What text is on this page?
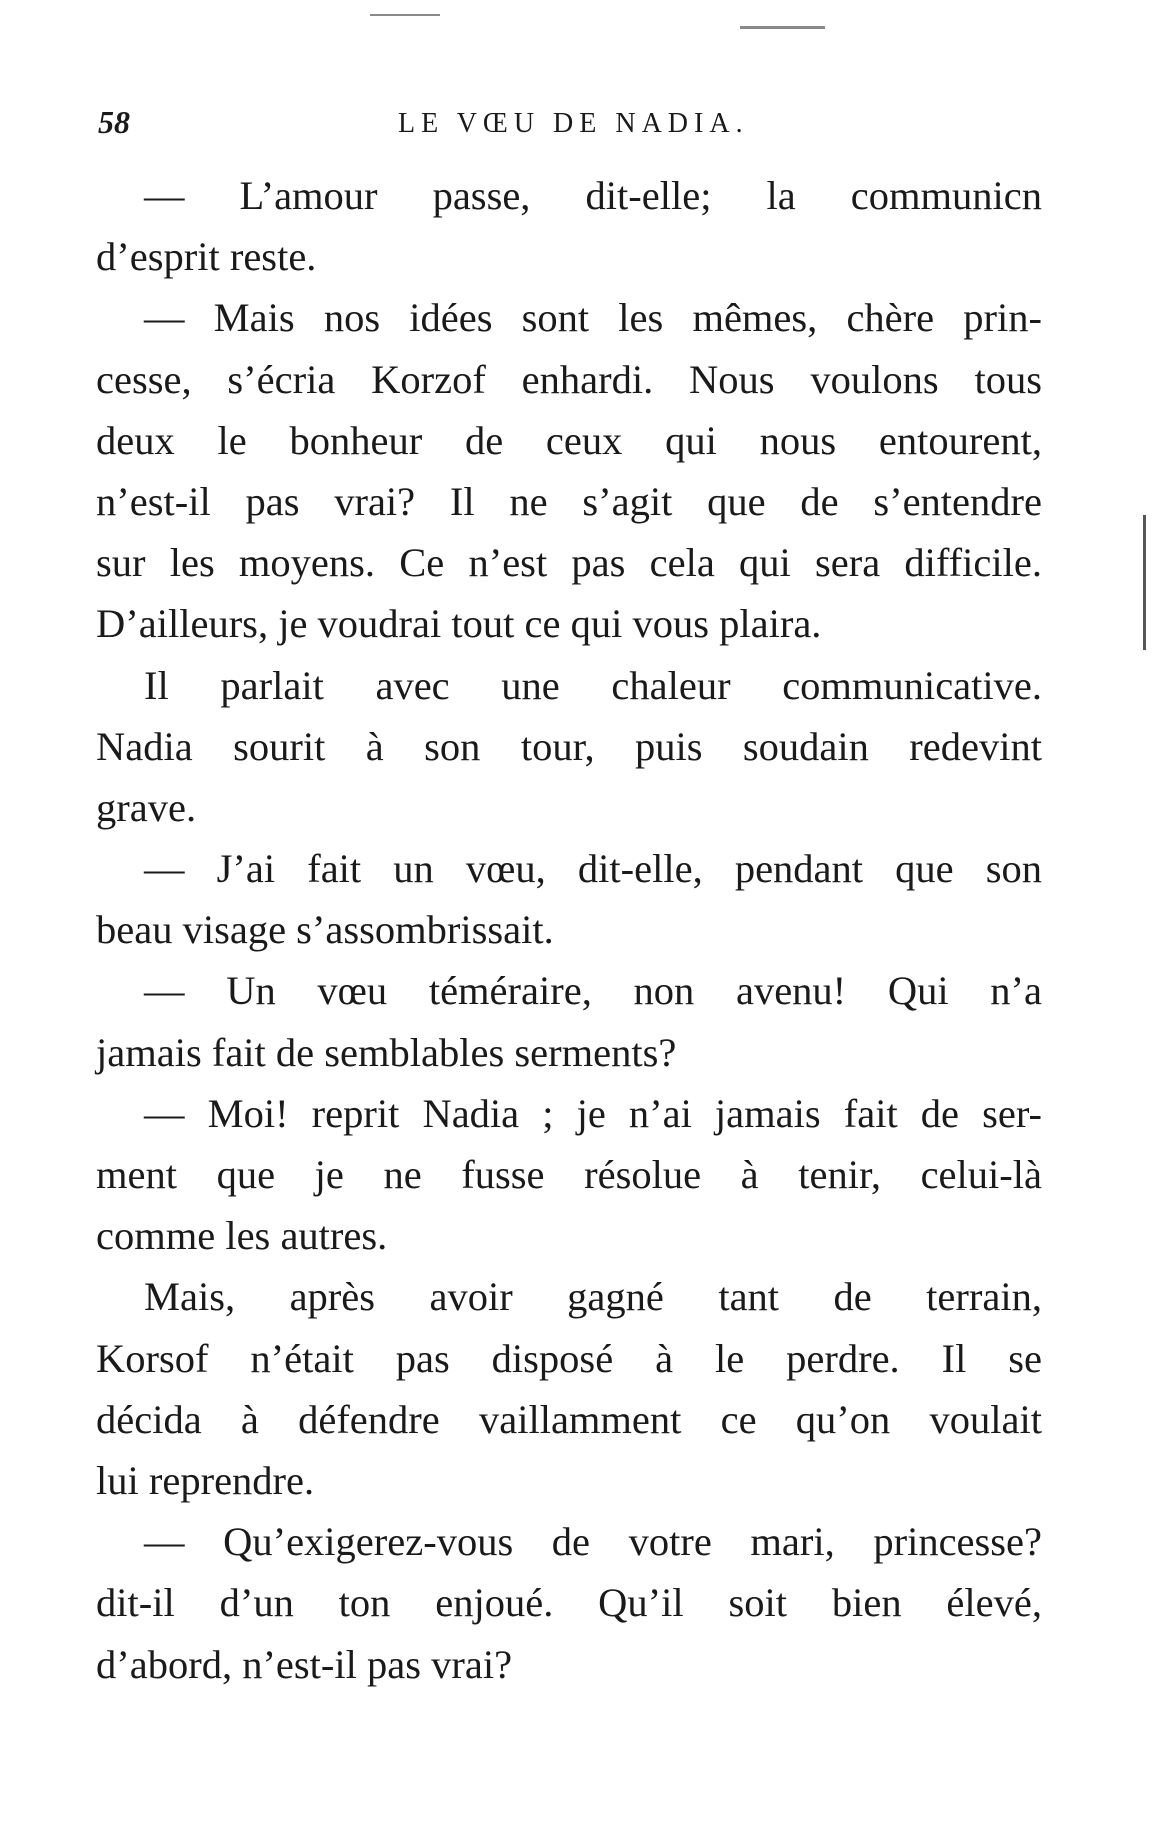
58	LE VŒU DE NADIA.
— L’amour passe, dit-elle; la communicn
d’esprit reste.
— Mais nos idées sont les mêmes, chère prin-
cesse, s’écria Korzof enhardi. Nous voulons tous
deux le bonheur de ceux qui nous entourent,
n’est-il pas vrai? Il ne s’agit que de s’entendre
sur les moyens. Ce n’est pas cela qui sera difficile.
D’ailleurs, je voudrai tout ce qui vous plaira.
Il parlait avec une chaleur communicative.
Nadia sourit à son tour, puis soudain redevint
grave.
— J’ai fait un vœu, dit-elle, pendant que son
beau visage s’assombrissait.
— Un vœu téméraire, non avenu! Qui n’a
jamais fait de semblables serments?
— Moi! reprit Nadia ; je n’ai jamais fait de ser-
ment que je ne fusse résolue à tenir, celui-là
comme les autres.
Mais, après avoir gagné tant de terrain,
Korsof n’était pas disposé à le perdre. Il se
décida à défendre vaillamment ce qu’on voulait
lui reprendre.
— Qu’exigerez-vous de votre mari, princesse?
dit-il d’un ton enjoué. Qu’il soit bien élevé,
d’abord, n’est-il pas vrai?
